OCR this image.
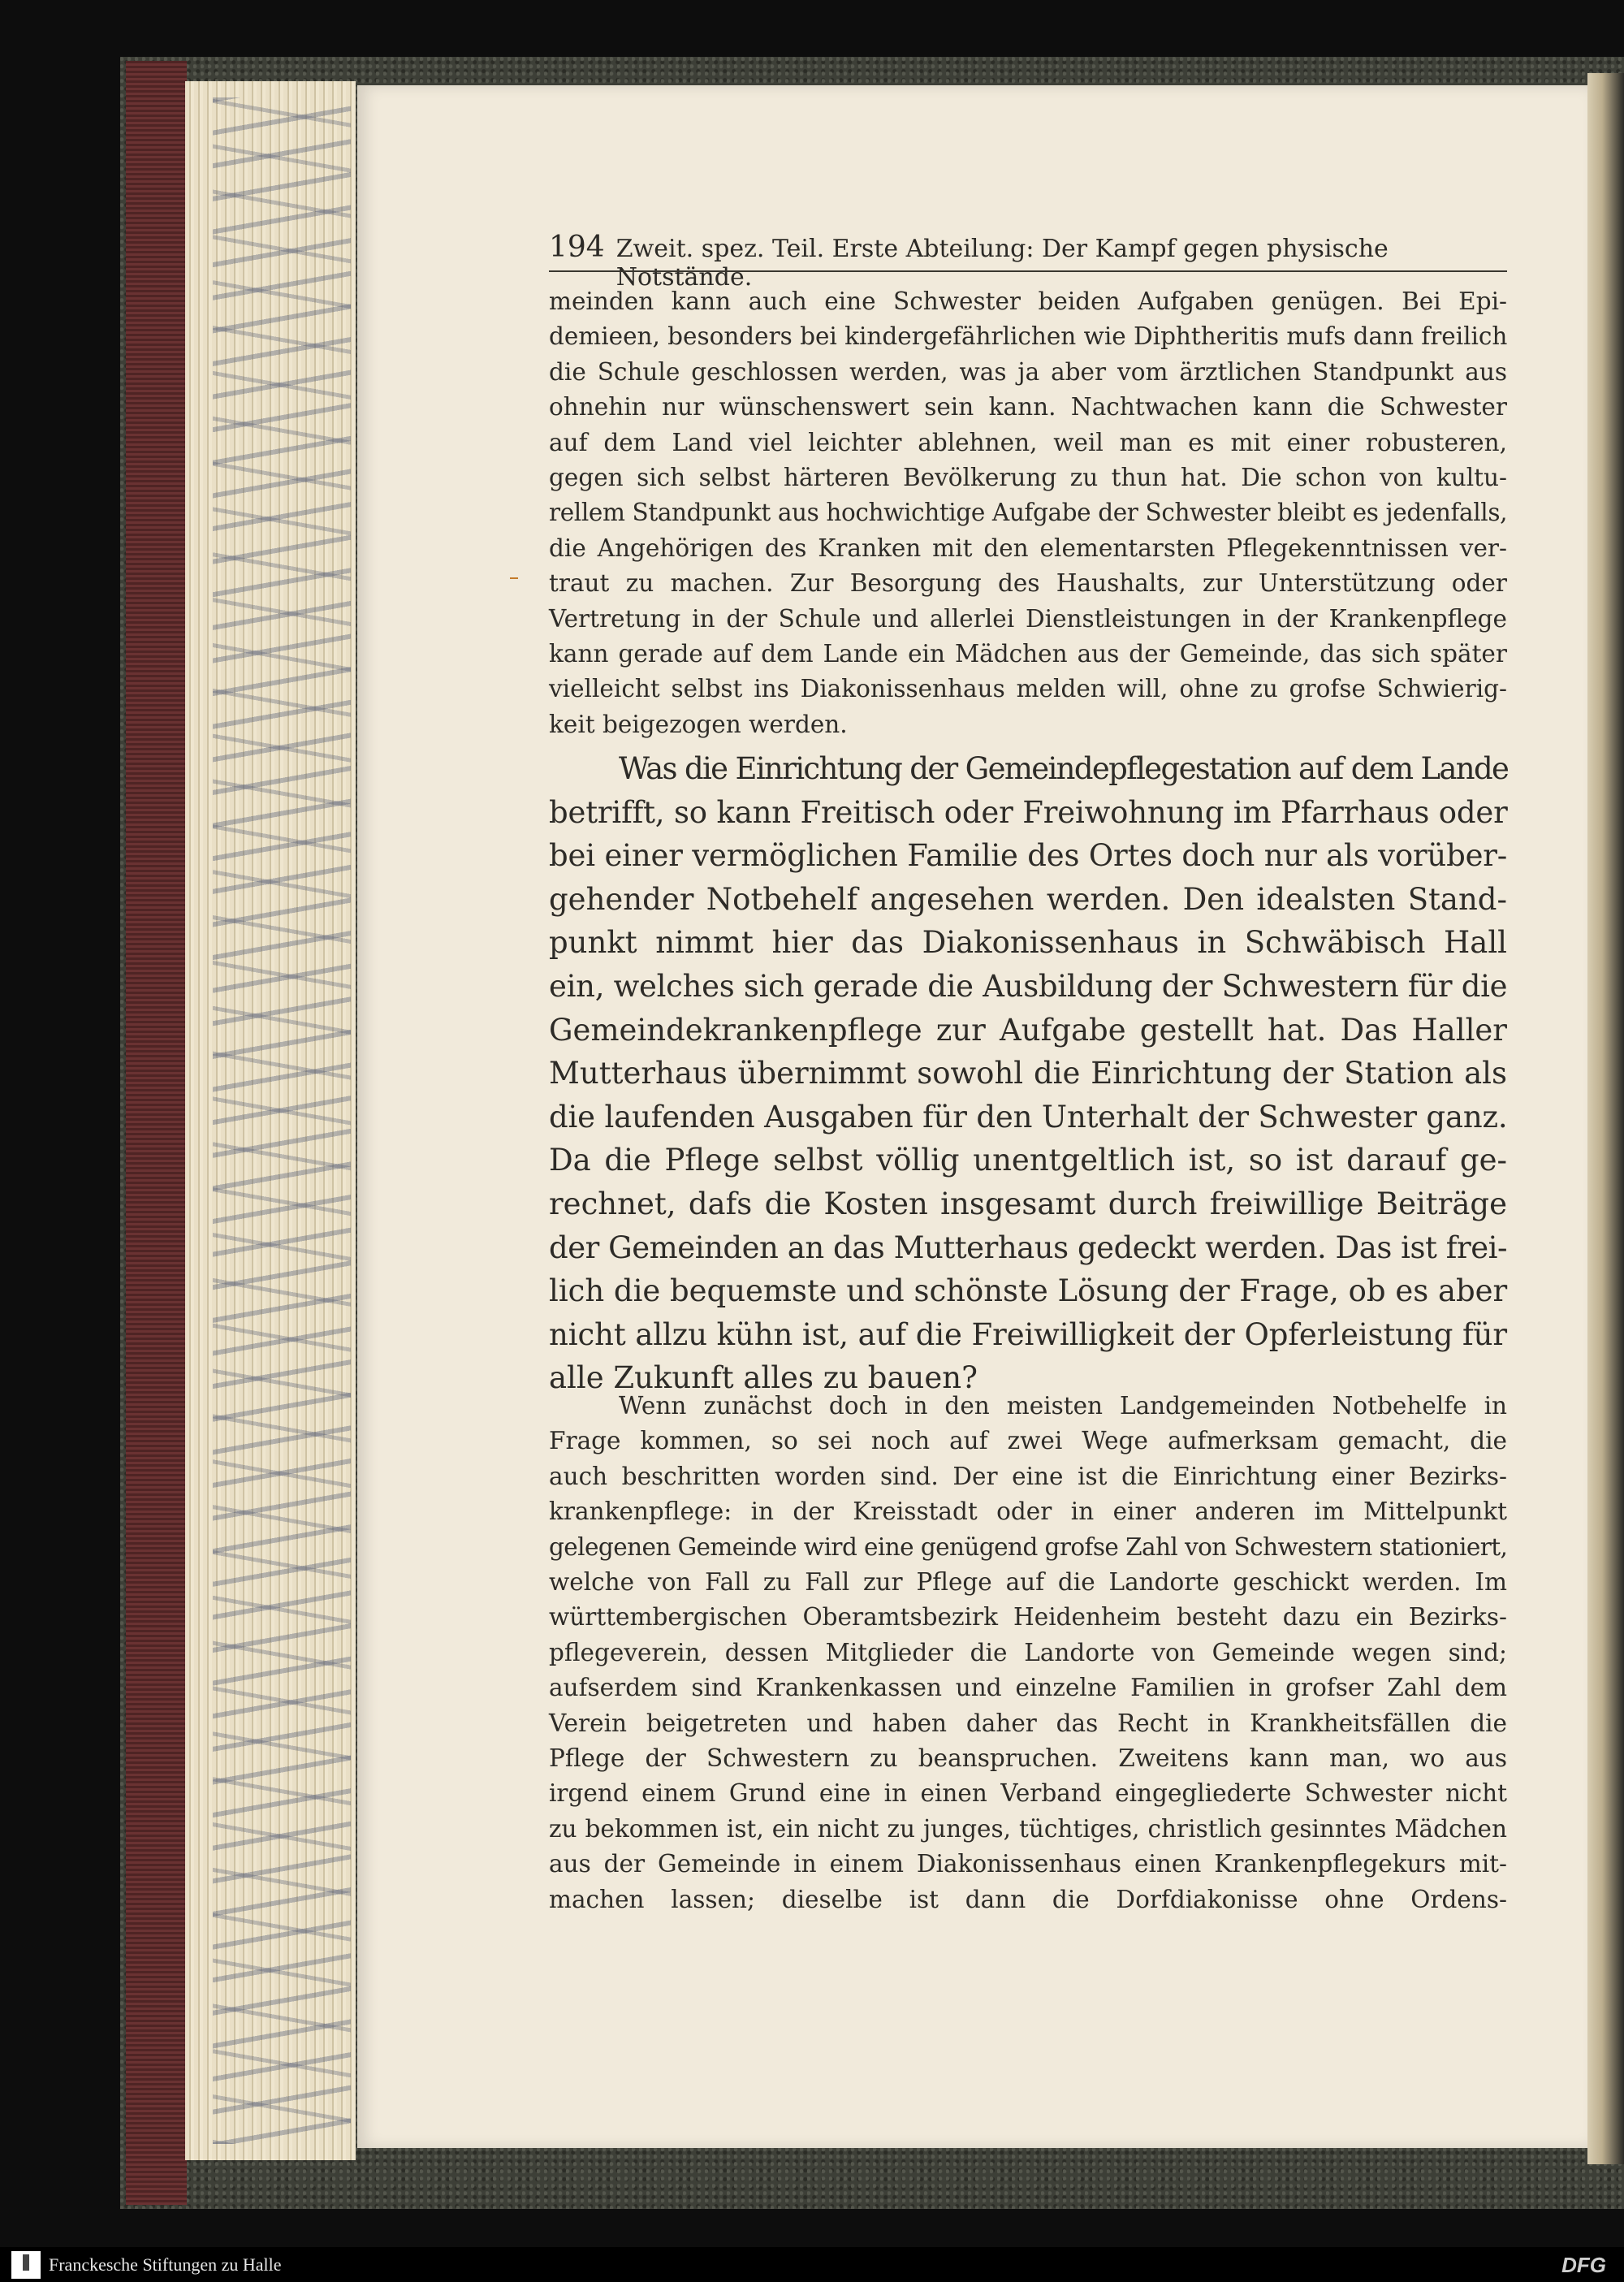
194 Zweit. spez. Teil. Erste Abteilung: Der Kampf gegen physische Notstände.
meinden kann auch eine Schwester beiden Aufgaben genügen. Bei Epi-
demieen, besonders bei kindergefährlichen wie Diphtheritis mufs dann freilich
die Schule geschlossen werden, was ja aber vom ärztlichen Standpunkt aus
ohnehin nur wünschenswert sein kann. Nachtwachen kann die Schwester
auf dem Land viel leichter ablehnen, weil man es mit einer robusteren,
gegen sich selbst härteren Bevölkerung zu thun hat. Die schon von kultu-
rellem Standpunkt aus hochwichtige Aufgabe der Schwester bleibt es jedenfalls,
die Angehörigen des Kranken mit den elementarsten Pflegekenntnissen ver-
traut zu machen. Zur Besorgung des Haushalts, zur Unterstützung oder
Vertretung in der Schule und allerlei Dienstleistungen in der Krankenpflege
kann gerade auf dem Lande ein Mädchen aus der Gemeinde, das sich später
vielleicht selbst ins Diakonissenhaus melden will, ohne zu grofse Schwierig-
keit beigezogen werden.
Was die Einrichtung der Gemeindepflegestation auf dem Lande
betrifft, so kann Freitisch oder Freiwohnung im Pfarrhaus oder
bei einer vermöglichen Familie des Ortes doch nur als vorüber-
gehender Notbehelf angesehen werden. Den idealsten Stand-
punkt nimmt hier das Diakonissenhaus in Schwäbisch Hall
ein, welches sich gerade die Ausbildung der Schwestern für die
Gemeindekrankenpflege zur Aufgabe gestellt hat. Das Haller
Mutterhaus übernimmt sowohl die Einrichtung der Station als
die laufenden Ausgaben für den Unterhalt der Schwester ganz.
Da die Pflege selbst völlig unentgeltlich ist, so ist darauf ge-
rechnet, dafs die Kosten insgesamt durch freiwillige Beiträge
der Gemeinden an das Mutterhaus gedeckt werden. Das ist frei-
lich die bequemste und schönste Lösung der Frage, ob es aber
nicht allzu kühn ist, auf die Freiwilligkeit der Opferleistung für
alle Zukunft alles zu bauen?
Wenn zunächst doch in den meisten Landgemeinden Notbehelfe in
Frage kommen, so sei noch auf zwei Wege aufmerksam gemacht, die
auch beschritten worden sind. Der eine ist die Einrichtung einer Bezirks-
krankenpflege: in der Kreisstadt oder in einer anderen im Mittelpunkt
gelegenen Gemeinde wird eine genügend grofse Zahl von Schwestern stationiert,
welche von Fall zu Fall zur Pflege auf die Landorte geschickt werden. Im
württembergischen Oberamtsbezirk Heidenheim besteht dazu ein Bezirks-
pflegeverein, dessen Mitglieder die Landorte von Gemeinde wegen sind;
aufserdem sind Krankenkassen und einzelne Familien in grofser Zahl dem
Verein beigetreten und haben daher das Recht in Krankheitsfällen die
Pflege der Schwestern zu beanspruchen. Zweitens kann man, wo aus
irgend einem Grund eine in einen Verband eingegliederte Schwester nicht
zu bekommen ist, ein nicht zu junges, tüchtiges, christlich gesinntes Mädchen
aus der Gemeinde in einem Diakonissenhaus einen Krankenpflegekurs mit-
machen lassen; dieselbe ist dann die Dorfdiakonisse ohne Ordens-
Franckesche Stiftungen zu Halle	DFG
